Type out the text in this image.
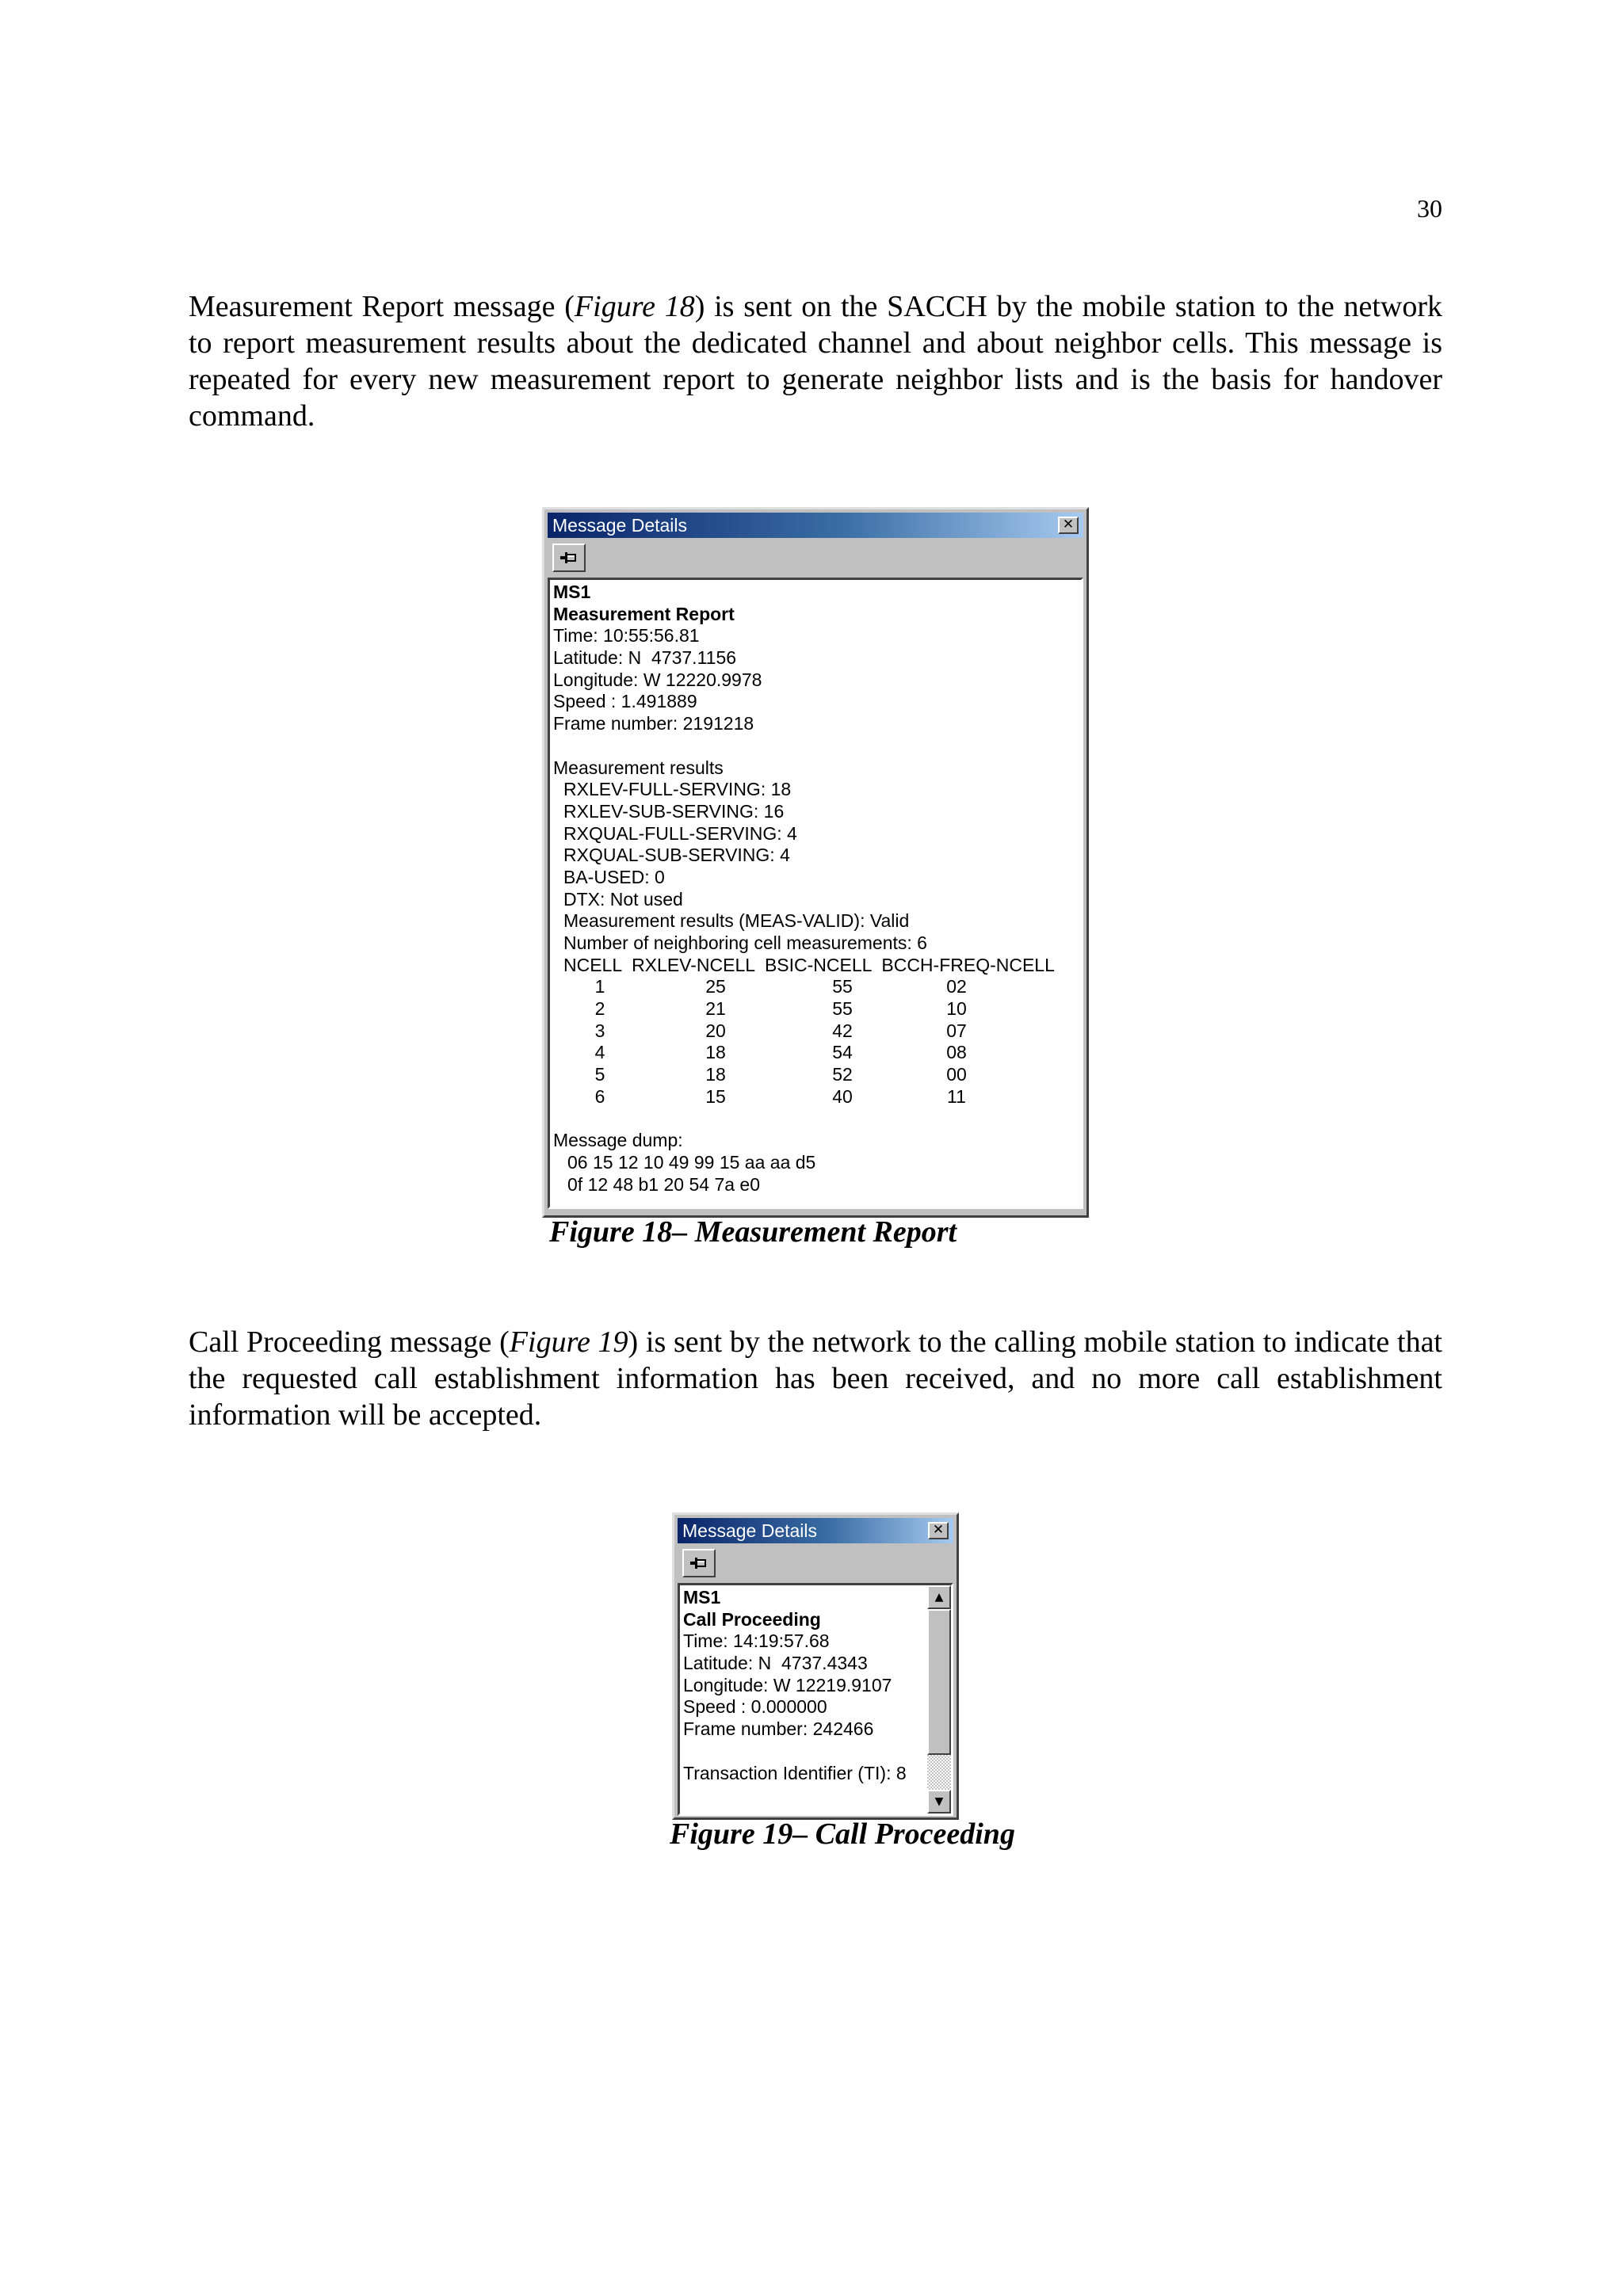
30

Measurement Report message (Figure 18) is sent on the SACCH by the mobile station to the network to report measurement results about the dedicated channel and about neighbor cells. This message is repeated for every new measurement report to generate neighbor lists and is the basis for handover command.

Message Details	✕
MS1
Measurement Report
Time: 10:55:56.81
Latitude: N  4737.1156
Longitude: W 12220.9978
Speed : 1.491889
Frame number: 2191218
Measurement results
RXLEV-FULL-SERVING: 18
RXLEV-SUB-SERVING: 16
RXQUAL-FULL-SERVING: 4
RXQUAL-SUB-SERVING: 4
BA-USED: 0
DTX: Not used
Measurement results (MEAS-VALID): Valid
Number of neighboring cell measurements: 6
NCELL  RXLEV-NCELL  BSIC-NCELL  BCCH-FREQ-NCELL
1	25	55	02
2	21	55	10
3	20	42	07
4	18	54	08
5	18	52	00
6	15	40	11
Message dump:
06 15 12 10 49 99 15 aa aa d5
0f 12 48 b1 20 54 7a e0
Figure 18– Measurement Report

Call Proceeding message (Figure 19) is sent by the network to the calling mobile station to indicate that the requested call establishment information has been received, and no more call establishment information will be accepted.

Message Details	✕
MS1
Call Proceeding
Time: 14:19:57.68
Latitude: N  4737.4343
Longitude: W 12219.9107
Speed : 0.000000
Frame number: 242466
Transaction Identifier (TI): 8
▲
▼
Figure 19– Call Proceeding
